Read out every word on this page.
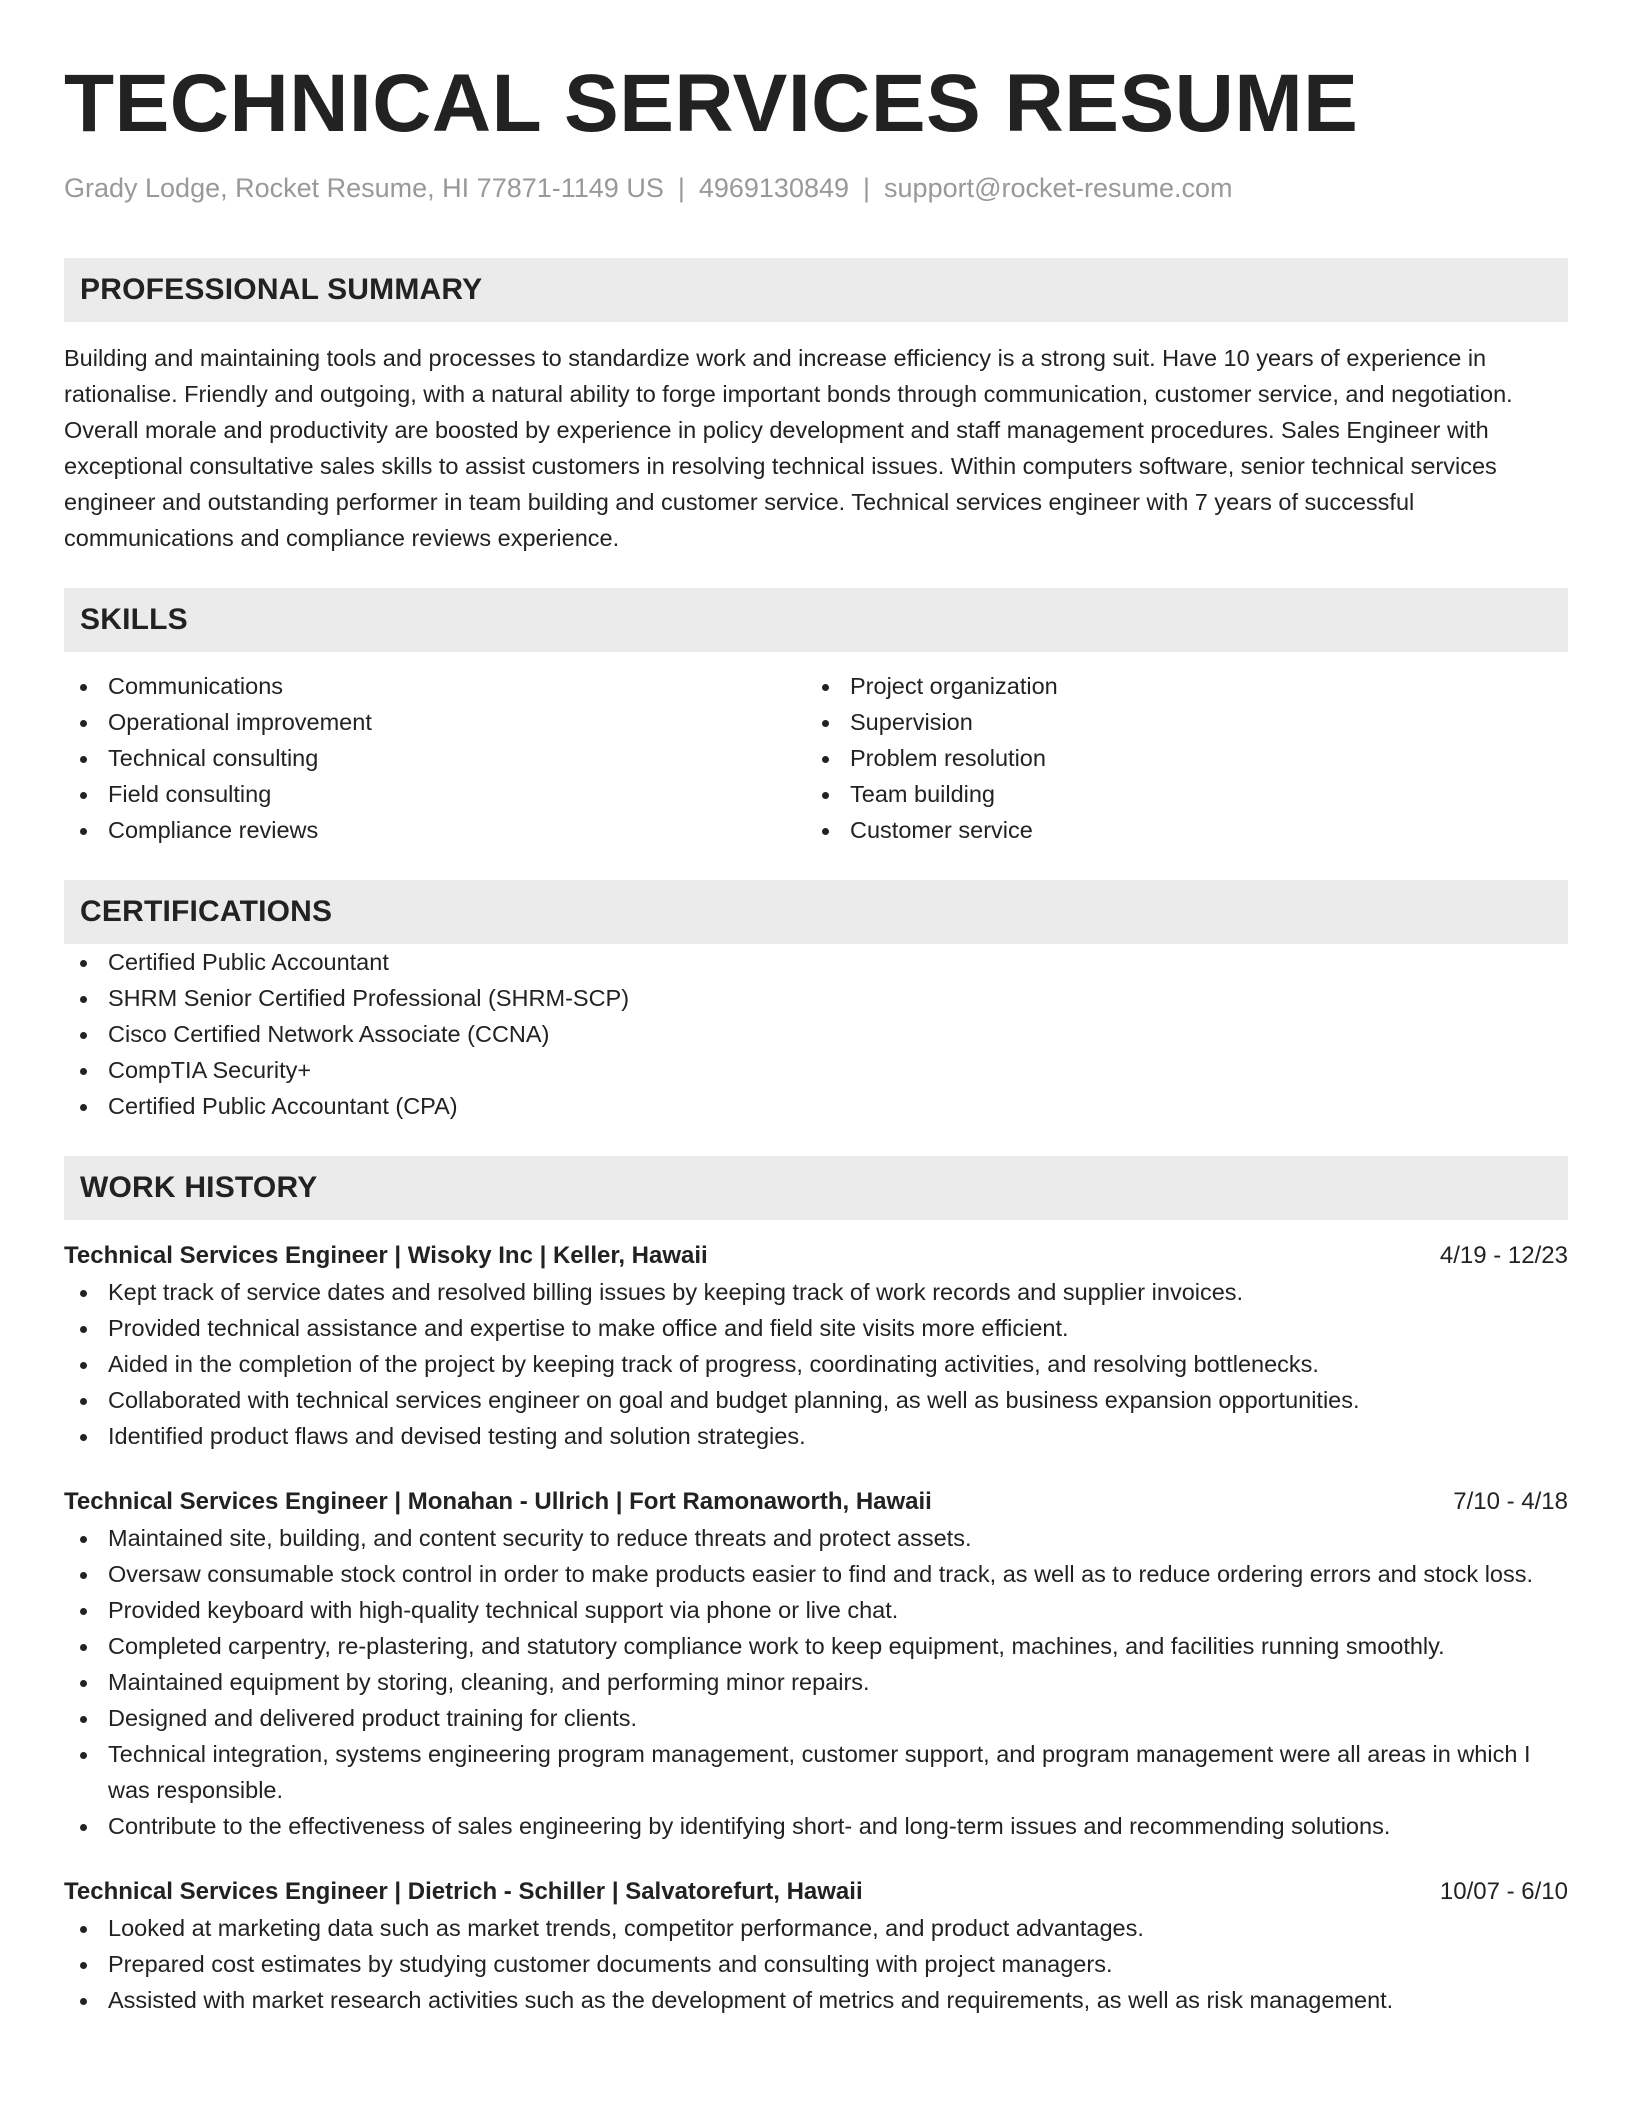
TECHNICAL SERVICES RESUME
Grady Lodge, Rocket Resume, HI 77871-1149 US | 4969130849 | support@rocket-resume.com
PROFESSIONAL SUMMARY

Building and maintaining tools and processes to standardize work and increase efficiency is a strong suit. Have 10 years of experience in rationalise. Friendly and outgoing, with a natural ability to forge important bonds through communication, customer service, and negotiation. Overall morale and productivity are boosted by experience in policy development and staff management procedures. Sales Engineer with exceptional consultative sales skills to assist customers in resolving technical issues. Within computers software, senior technical services engineer and outstanding performer in team building and customer service. Technical services engineer with 7 years of successful communications and compliance reviews experience.

SKILLS
Communications
Operational improvement
Technical consulting
Field consulting
Compliance reviews
Project organization
Supervision
Problem resolution
Team building
Customer service
CERTIFICATIONS
Certified Public Accountant
SHRM Senior Certified Professional (SHRM-SCP)
Cisco Certified Network Associate (CCNA)
CompTIA Security+
Certified Public Accountant (CPA)
WORK HISTORY
Technical Services Engineer | Wisoky Inc | Keller, Hawaii	4/19 - 12/23
Kept track of service dates and resolved billing issues by keeping track of work records and supplier invoices.
Provided technical assistance and expertise to make office and field site visits more efficient.
Aided in the completion of the project by keeping track of progress, coordinating activities, and resolving bottlenecks.
Collaborated with technical services engineer on goal and budget planning, as well as business expansion opportunities.
Identified product flaws and devised testing and solution strategies.
Technical Services Engineer | Monahan - Ullrich | Fort Ramonaworth, Hawaii	7/10 - 4/18
Maintained site, building, and content security to reduce threats and protect assets.
Oversaw consumable stock control in order to make products easier to find and track, as well as to reduce ordering errors and stock loss.
Provided keyboard with high-quality technical support via phone or live chat.
Completed carpentry, re-plastering, and statutory compliance work to keep equipment, machines, and facilities running smoothly.
Maintained equipment by storing, cleaning, and performing minor repairs.
Designed and delivered product training for clients.
Technical integration, systems engineering program management, customer support, and program management were all areas in which I was responsible.
Contribute to the effectiveness of sales engineering by identifying short- and long-term issues and recommending solutions.
Technical Services Engineer | Dietrich - Schiller | Salvatorefurt, Hawaii	10/07 - 6/10
Looked at marketing data such as market trends, competitor performance, and product advantages.
Prepared cost estimates by studying customer documents and consulting with project managers.
Assisted with market research activities such as the development of metrics and requirements, as well as risk management.
